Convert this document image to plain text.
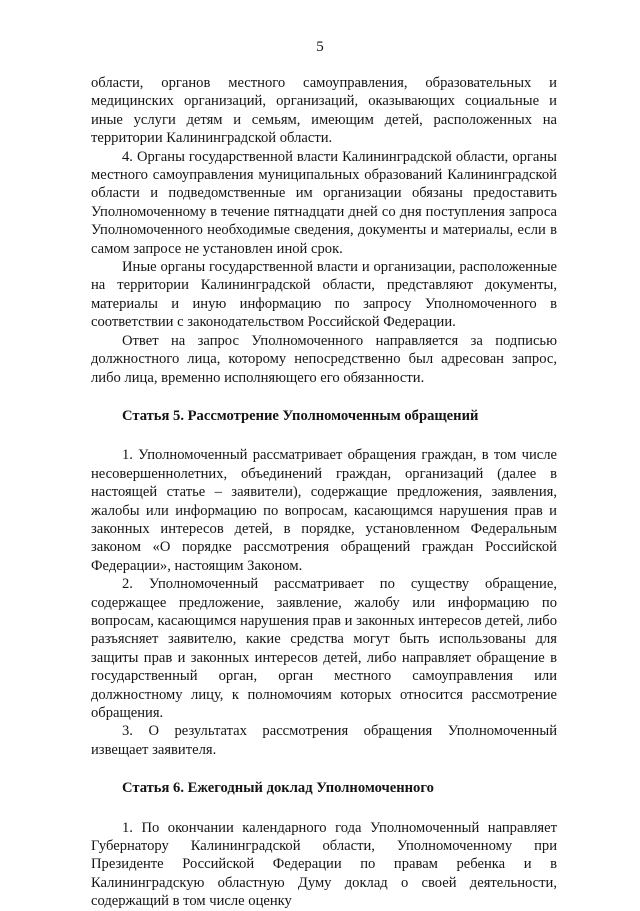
5

области, органов местного самоуправления, образовательных и медицинских организаций, организаций, оказывающих социальные и иные услуги детям и семьям, имеющим детей, расположенных на территории Калининградской области.

4. Органы государственной власти Калининградской области, органы местного самоуправления муниципальных образований Калининградской области и подведомственные им организации обязаны предоставить Уполномоченному в течение пятнадцати дней со дня поступления запроса Уполномоченного необходимые сведения, документы и материалы, если в самом запросе не установлен иной срок.

Иные органы государственной власти и организации, расположенные на территории Калининградской области, представляют документы, материалы и иную информацию по запросу Уполномоченного в соответствии с законодательством Российской Федерации.

Ответ на запрос Уполномоченного направляется за подписью должностного лица, которому непосредственно был адресован запрос, либо лица, временно исполняющего его обязанности.

Статья 5. Рассмотрение Уполномоченным обращений

1. Уполномоченный рассматривает обращения граждан, в том числе несовершеннолетних, объединений граждан, организаций (далее в настоящей статье – заявители), содержащие предложения, заявления, жалобы или информацию по вопросам, касающимся нарушения прав и законных интересов детей, в порядке, установленном Федеральным законом «О порядке рассмотрения обращений граждан Российской Федерации», настоящим Законом.

2. Уполномоченный рассматривает по существу обращение, содержащее предложение, заявление, жалобу или информацию по вопросам, касающимся нарушения прав и законных интересов детей, либо разъясняет заявителю, какие средства могут быть использованы для защиты прав и законных интересов детей, либо направляет обращение в государственный орган, орган местного самоуправления или должностному лицу, к полномочиям которых относится рассмотрение обращения.

3. О результатах рассмотрения обращения Уполномоченный извещает заявителя.

Статья 6. Ежегодный доклад Уполномоченного

1. По окончании календарного года Уполномоченный направляет Губернатору Калининградской области, Уполномоченному при Президенте Российской Федерации по правам ребенка и в Калининградскую областную Думу доклад о своей деятельности, содержащий в том числе оценку
